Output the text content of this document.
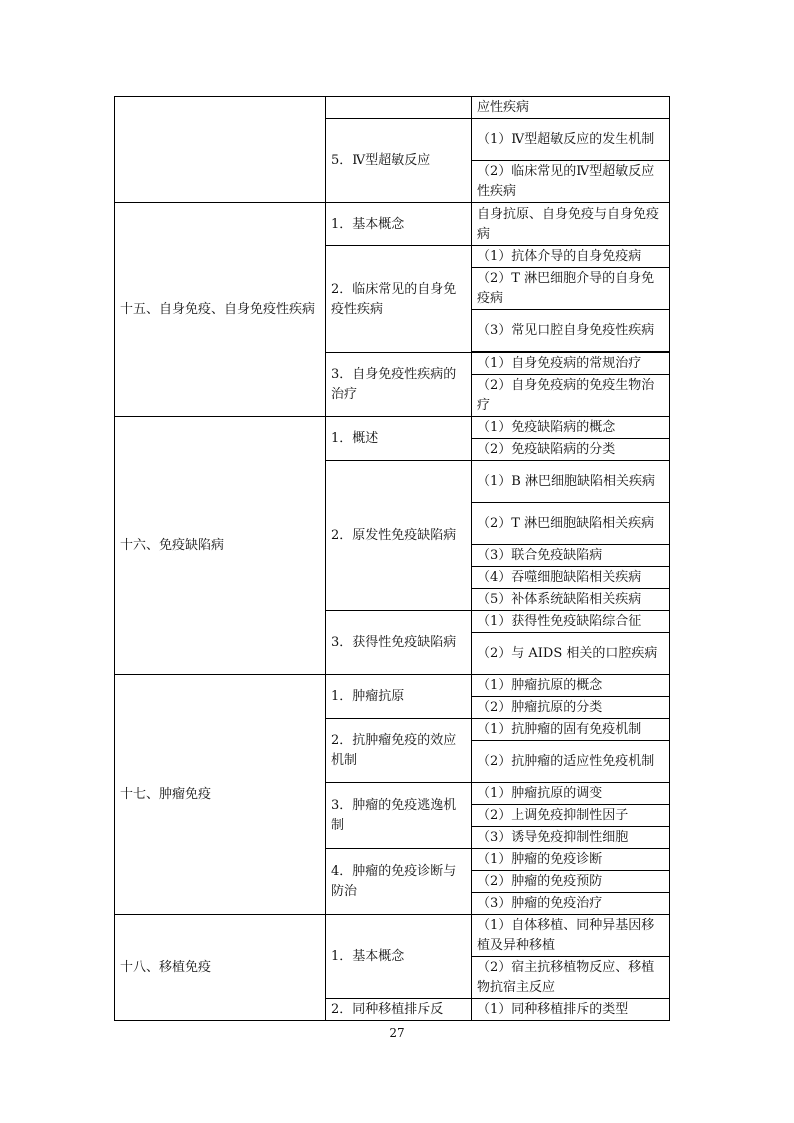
		应性疾病
	5．Ⅳ型超敏反应	（1）Ⅳ型超敏反应的发生机制
		（2）临床常见的Ⅳ型超敏反应性疾病
十五、自身免疫、自身免疫性疾病	1．基本概念	自身抗原、自身免疫与自身免疫病
	2．临床常见的自身免疫性疾病	（1）抗体介导的自身免疫病
		（2）T 淋巴细胞介导的自身免疫病
		（3）常见口腔自身免疫性疾病

	3．自身免疫性疾病的治疗	（1）自身免疫病的常规治疗
		（2）自身免疫病的免疫生物治疗
十六、免疫缺陷病	1．概述	（1）免疫缺陷病的概念
		（2）免疫缺陷病的分类
	2．原发性免疫缺陷病	（1）B 淋巴细胞缺陷相关疾病
		（2）T 淋巴细胞缺陷相关疾病
		（3）联合免疫缺陷病
		（4）吞噬细胞缺陷相关疾病
		（5）补体系统缺陷相关疾病
	3．获得性免疫缺陷病	（1）获得性免疫缺陷综合征
		（2）与 AIDS 相关的口腔疾病
十七、肿瘤免疫	1．肿瘤抗原	（1）肿瘤抗原的概念
		（2）肿瘤抗原的分类
	2．抗肿瘤免疫的效应机制	（1）抗肿瘤的固有免疫机制
		（2）抗肿瘤的适应性免疫机制
	3．肿瘤的免疫逃逸机制	（1）肿瘤抗原的调变
		（2）上调免疫抑制性因子
		（3）诱导免疫抑制性细胞
	4．肿瘤的免疫诊断与防治	（1）肿瘤的免疫诊断
		（2）肿瘤的免疫预防
		（3）肿瘤的免疫治疗
十八、移植免疫	1．基本概念	（1）自体移植、同种异基因移植及异种移植
		（2）宿主抗移植物反应、移植物抗宿主反应
	2．同种移植排斥反	（1）同种移植排斥的类型
27
